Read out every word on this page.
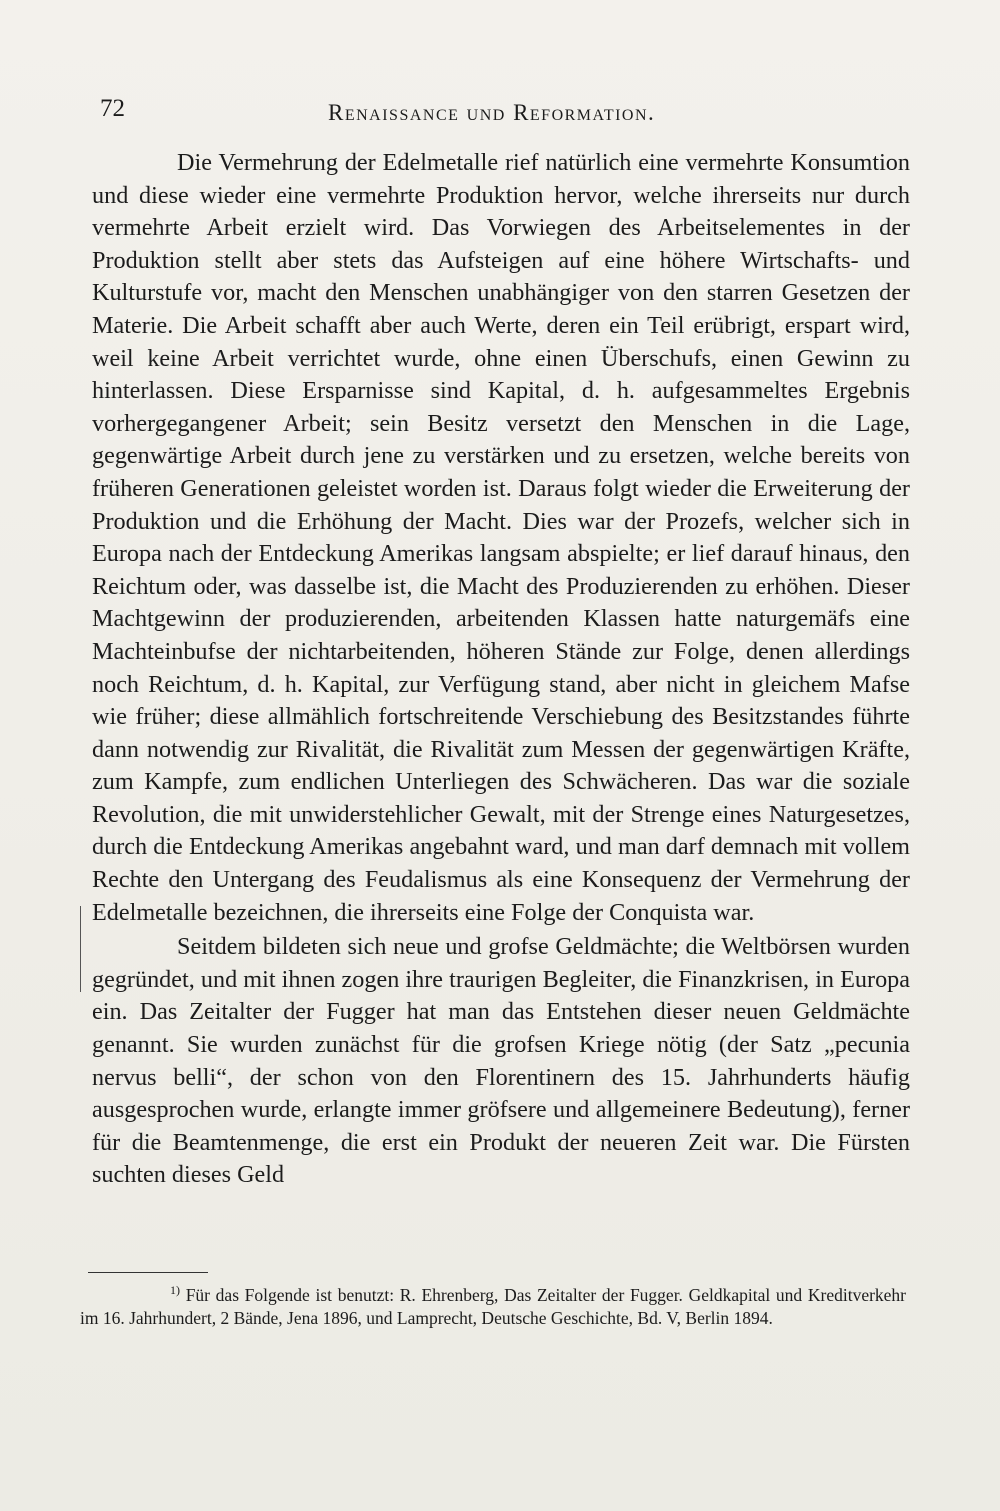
72	Renaissance und Reformation.

Die Vermehrung der Edelmetalle rief natürlich eine vermehrte Konsumtion und diese wieder eine vermehrte Produktion hervor, welche ihrerseits nur durch vermehrte Arbeit erzielt wird. Das Vorwiegen des Arbeitselementes in der Produktion stellt aber stets das Aufsteigen auf eine höhere Wirtschafts- und Kulturstufe vor, macht den Menschen unabhängiger von den starren Gesetzen der Materie. Die Arbeit schafft aber auch Werte, deren ein Teil erübrigt, erspart wird, weil keine Arbeit verrichtet wurde, ohne einen Überschufs, einen Gewinn zu hinterlassen. Diese Ersparnisse sind Kapital, d. h. aufgesammeltes Ergebnis vorhergegangener Arbeit; sein Besitz versetzt den Menschen in die Lage, gegenwärtige Arbeit durch jene zu verstärken und zu ersetzen, welche bereits von früheren Generationen geleistet worden ist. Daraus folgt wieder die Erweiterung der Produktion und die Erhöhung der Macht. Dies war der Prozefs, welcher sich in Europa nach der Entdeckung Amerikas langsam abspielte; er lief darauf hinaus, den Reichtum oder, was dasselbe ist, die Macht des Produzierenden zu erhöhen. Dieser Machtgewinn der produzierenden, arbeitenden Klassen hatte naturgemäfs eine Machteinbufse der nichtarbeitenden, höheren Stände zur Folge, denen allerdings noch Reichtum, d. h. Kapital, zur Verfügung stand, aber nicht in gleichem Mafse wie früher; diese allmählich fortschreitende Verschiebung des Besitzstandes führte dann notwendig zur Rivalität, die Rivalität zum Messen der gegenwärtigen Kräfte, zum Kampfe, zum endlichen Unterliegen des Schwächeren. Das war die soziale Revolution, die mit unwiderstehlicher Gewalt, mit der Strenge eines Naturgesetzes, durch die Entdeckung Amerikas angebahnt ward, und man darf demnach mit vollem Rechte den Untergang des Feudalismus als eine Konsequenz der Vermehrung der Edelmetalle bezeichnen, die ihrerseits eine Folge der Conquista war.

Seitdem bildeten sich neue und grofse Geldmächte; die Weltbörsen wurden gegründet, und mit ihnen zogen ihre traurigen Begleiter, die Finanzkrisen, in Europa ein. Das Zeitalter der Fugger hat man das Entstehen dieser neuen Geldmächte genannt. Sie wurden zunächst für die grofsen Kriege nötig (der Satz „pecunia nervus belli“, der schon von den Florentinern des 15. Jahrhunderts häufig ausgesprochen wurde, erlangte immer gröfsere und allgemeinere Bedeutung), ferner für die Beamtenmenge, die erst ein Produkt der neueren Zeit war. Die Fürsten suchten dieses Geld

$^{1)}$ Für das Folgende ist benutzt: R. Ehrenberg, Das Zeitalter der Fugger. Geldkapital und Kreditverkehr im 16. Jahrhundert, 2 Bände, Jena 1896, und Lamprecht, Deutsche Geschichte, Bd. V, Berlin 1894.
